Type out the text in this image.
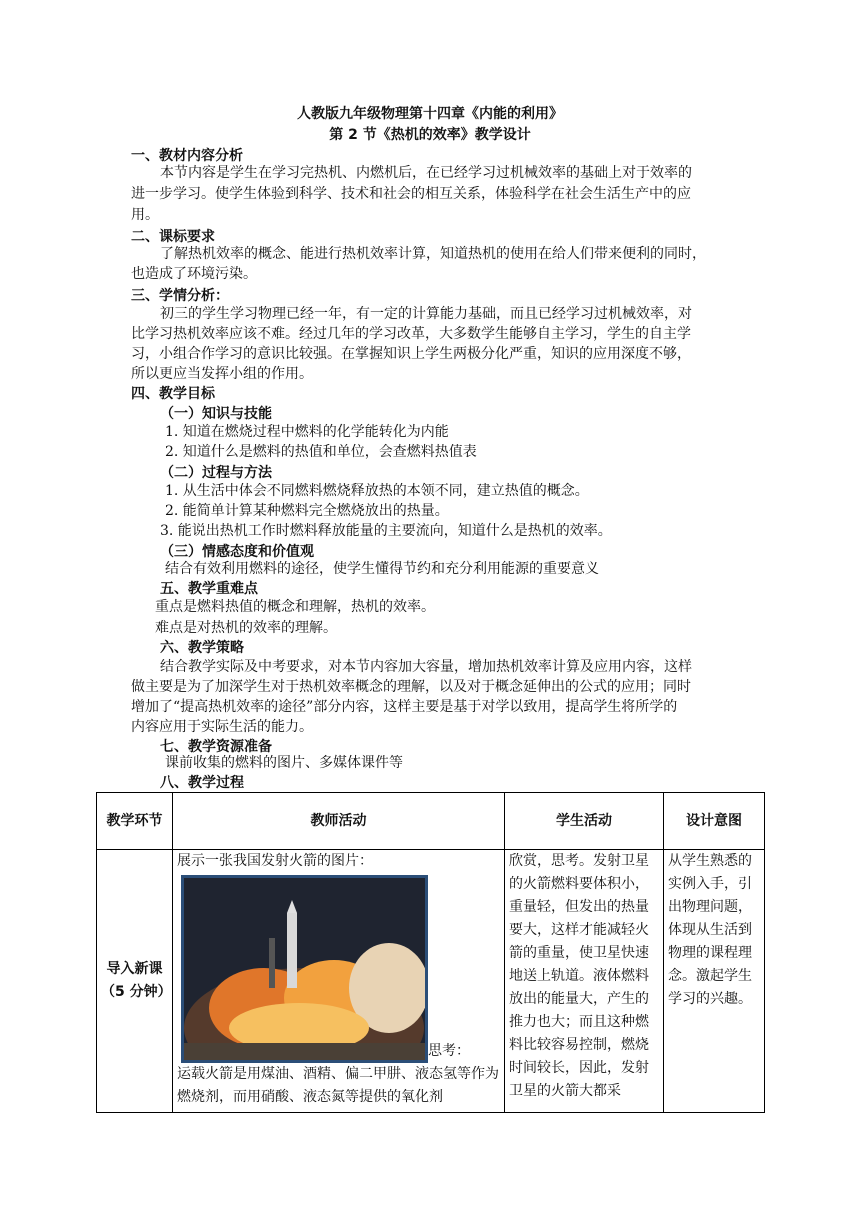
人教版九年级物理第十四章《内能的利用》
第 2 节《热机的效率》教学设计
一、教材内容分析
本节内容是学生在学习完热机、内燃机后，在已经学习过机械效率的基础上对于效率的
进一步学习。使学生体验到科学、技术和社会的相互关系，体验科学在社会生活生产中的应
用。
二、课标要求
了解热机效率的概念、能进行热机效率计算，知道热机的使用在给人们带来便利的同时，
也造成了环境污染。
三、学情分析：
初三的学生学习物理已经一年，有一定的计算能力基础，而且已经学习过机械效率，对
比学习热机效率应该不难。经过几年的学习改革，大多数学生能够自主学习，学生的自主学
习，小组合作学习的意识比较强。在掌握知识上学生两极分化严重，知识的应用深度不够，
所以更应当发挥小组的作用。
四、教学目标
（一）知识与技能
1. 知道在燃烧过程中燃料的化学能转化为内能
2. 知道什么是燃料的热值和单位，会查燃料热值表
（二）过程与方法
1. 从生活中体会不同燃料燃烧释放热的本领不同，建立热值的概念。
2. 能简单计算某种燃料完全燃烧放出的热量。
3. 能说出热机工作时燃料释放能量的主要流向，知道什么是热机的效率。
（三）情感态度和价值观
结合有效利用燃料的途径，使学生懂得节约和充分利用能源的重要意义
五、教学重难点
重点是燃料热值的概念和理解，热机的效率。
难点是对热机的效率的理解。
六、教学策略
结合教学实际及中考要求，对本节内容加大容量，增加热机效率计算及应用内容，这样
做主要是为了加深学生对于热机效率概念的理解，以及对于概念延伸出的公式的应用；同时
增加了“提高热机效率的途径”部分内容，这样主要是基于对学以致用，提高学生将所学的
内容应用于实际生活的能力。
七、教学资源准备
课前收集的燃料的图片、多媒体课件等
八、教学过程
教学环节	教师活动	学生活动	设计意图
导入新课（5 分钟）	展示一张我国发射火箭的图片：
思考：
运载火箭是用煤油、酒精、偏二甲肼、液态氢等作为燃烧剂，而用硝酸、液态氮等提供的氧化剂	欣赏，思考。发射卫星的火箭燃料要体积小，重量轻，但发出的热量要大，这样才能减轻火箭的重量，使卫星快速地送上轨道。液体燃料放出的能量大，产生的推力也大；而且这种燃料比较容易控制，燃烧时间较长，因此，发射卫星的火箭大都采	从学生熟悉的实例入手，引出物理问题，体现从生活到物理的课程理念。激起学生学习的兴趣。
